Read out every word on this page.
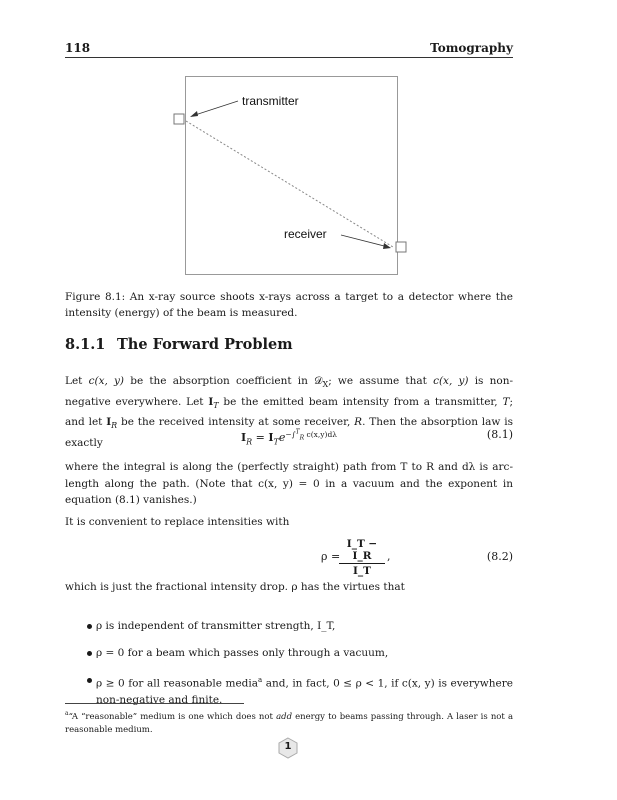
118	Tomography
transmitter
receiver
Figure 8.1: An x-ray source shoots x-rays across a target to a detector where the intensity (energy) of the beam is measured.
8.1.1 The Forward Problem
Let c(x, y) be the absorption coefficient in 𝒟$_X$; we assume that c(x, y) is non-negative everywhere. Let $I_T$ be the emitted beam intensity from a transmitter, T; and let $I_R$ be the received intensity at some receiver, R. Then the absorption law is exactly	$I_R = I_Te^{-\int^T_R c(x,y)d\lambda}$	(8.1)
where the integral is along the (perfectly straight) path from T to R and dλ is arc-length along the path. (Note that c(x, y) = 0 in a vacuum and the exponent in equation (8.1) vanishes.)
It is convenient to replace intensities with
ρ =
I_T − I_R
I_T
,	(8.2)
which is just the fractional intensity drop. ρ has the virtues that
ρ is independent of transmitter strength, I_T,
ρ = 0 for a beam which passes only through a vacuum,
ρ ≥ 0 for all reasonable media$^a$ and, in fact, 0 ≤ ρ < 1, if c(x, y) is everywhere non-negative and finite.
$^a$“A “reasonable” medium is one which does not add energy to beams passing through. A laser is not a reasonable medium.
1
